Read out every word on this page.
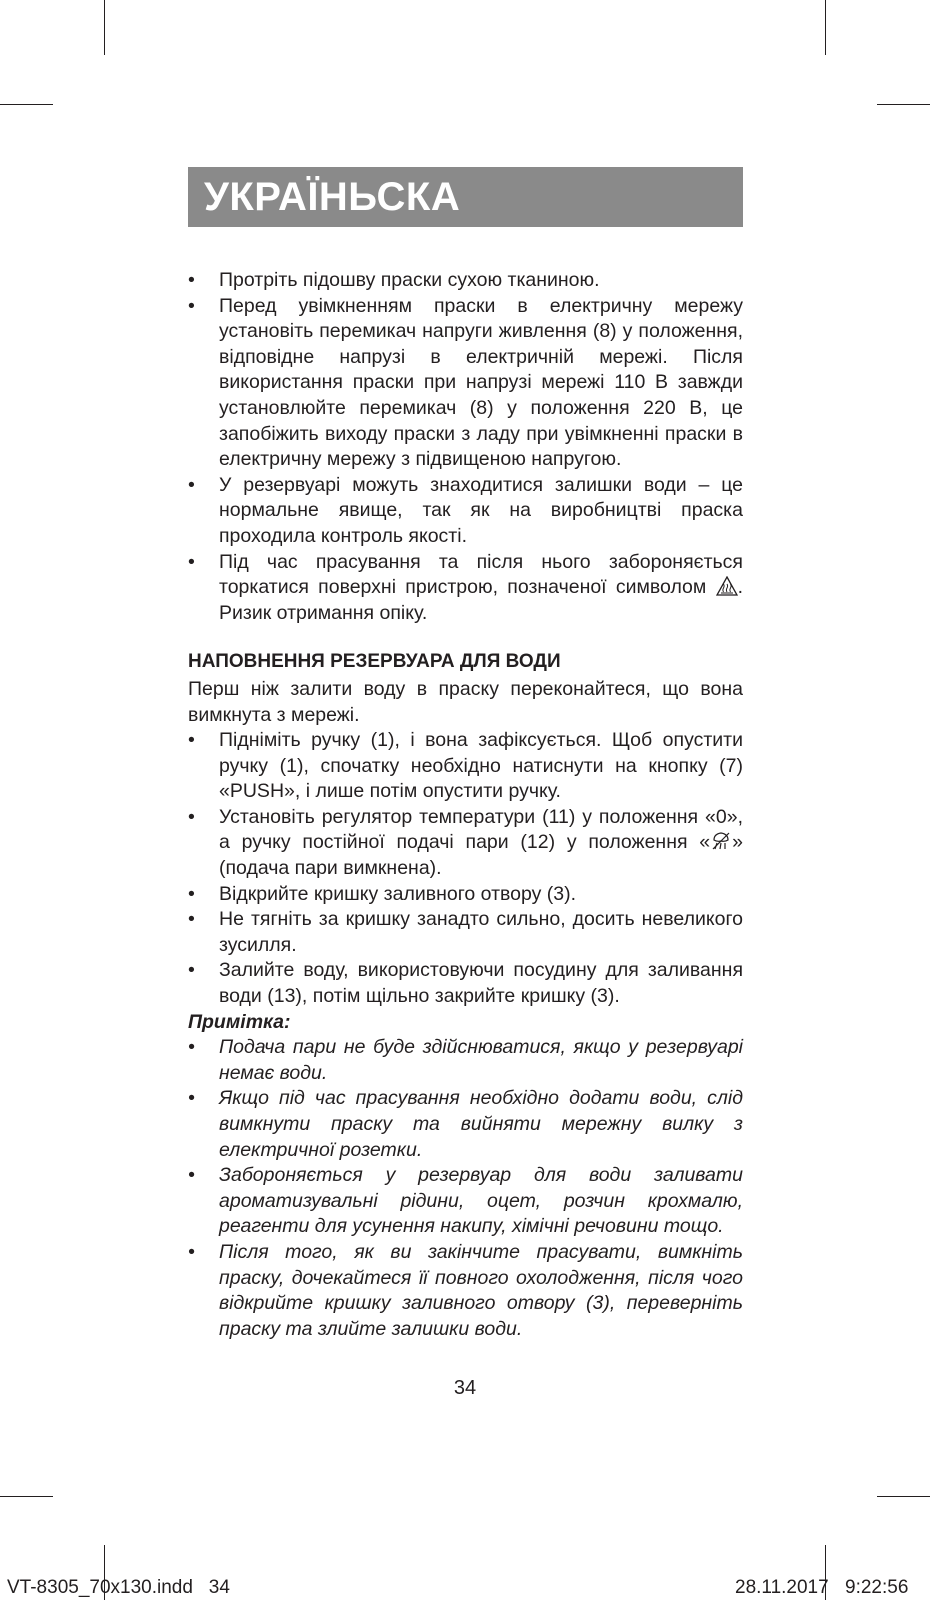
УКРАЇНЬСКА
• Протріть підошву праски сухою тканиною.
• Перед увімкненням праски в електричну мережу установіть перемикач напруги живлення (8) у положення, відповідне напрузі в електричній мережі. Після використання праски при напрузі мережі 110 В завжди установлюйте перемикач (8) у положення 220 В, це запобіжить виходу праски з ладу при увімкненні праски в електричну мережу з підвищеною напругою.
• У резервуарі можуть знаходитися залишки води – це нормальне явище, так як на виробництві праска проходила контроль якості.
• Під час прасування та після нього забороняється торкатися поверхні пристрою, позначеної символом . Ризик отримання опіку.
НАПОВНЕННЯ РЕЗЕРВУАРА ДЛЯ ВОДИ

Перш ніж залити воду в праску переконайтеся, що вона вимкнута з мережі.

• Підніміть ручку (1), і вона зафіксується. Щоб опустити ручку (1), спочатку необхідно натиснути на кнопку (7) «PUSH», і лише потім опустити ручку.
• Установіть регулятор температури (11) у положення «0», а ручку постійної подачі пари (12) у положення « » (подача пари вимкнена).
• Відкрийте кришку заливного отвору (3).
• Не тягніть за кришку занадто сильно, досить невеликого зусилля.
• Залийте воду, використовуючи посудину для заливання води (13), потім щільно закрийте кришку (3).

Примітка:

• Подача пари не буде здійснюватися, якщо у резервуарі немає води.
• Якщо під час прасування необхідно додати води, слід вимкнути праску та вийняти мережну вилку з електричної розетки.
• Забороняється у резервуар для води заливати ароматизувальні рідини, оцет, розчин крохмалю, реагенти для усунення накипу, хімічні речовини тощо.
• Після того, як ви закінчите прасувати, вимкніть праску, дочекайтеся її повного охолодження, після чого відкрийте кришку заливного отвору (3), переверніть праску та злийте залишки води.
34
VT-8305_70x130.indd   34	28.11.2017 9:22:56
